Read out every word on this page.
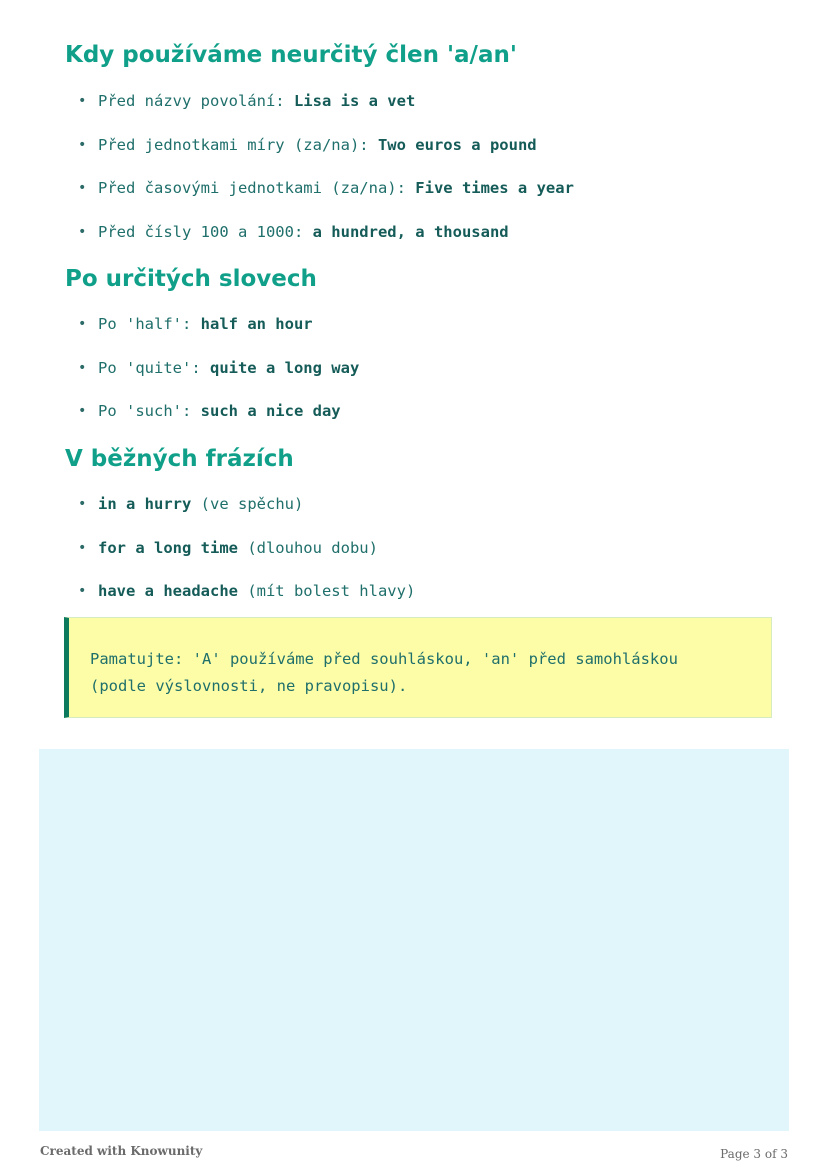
Kdy používáme neurčitý člen 'a/an'
• Před názvy povolání: Lisa is a vet
• Před jednotkami míry (za/na): Two euros a pound
• Před časovými jednotkami (za/na): Five times a year
• Před čísly 100 a 1000: a hundred, a thousand
Po určitých slovech
• Po 'half': half an hour
• Po 'quite': quite a long way
• Po 'such': such a nice day
V běžných frázích
• in a hurry (ve spěchu)
• for a long time (dlouhou dobu)
• have a headache (mít bolest hlavy)
Pamatujte: 'A' používáme před souhláskou, 'an' před samohláskou
(podle výslovnosti, ne pravopisu).
Created with Knowunity	Page 3 of 3
